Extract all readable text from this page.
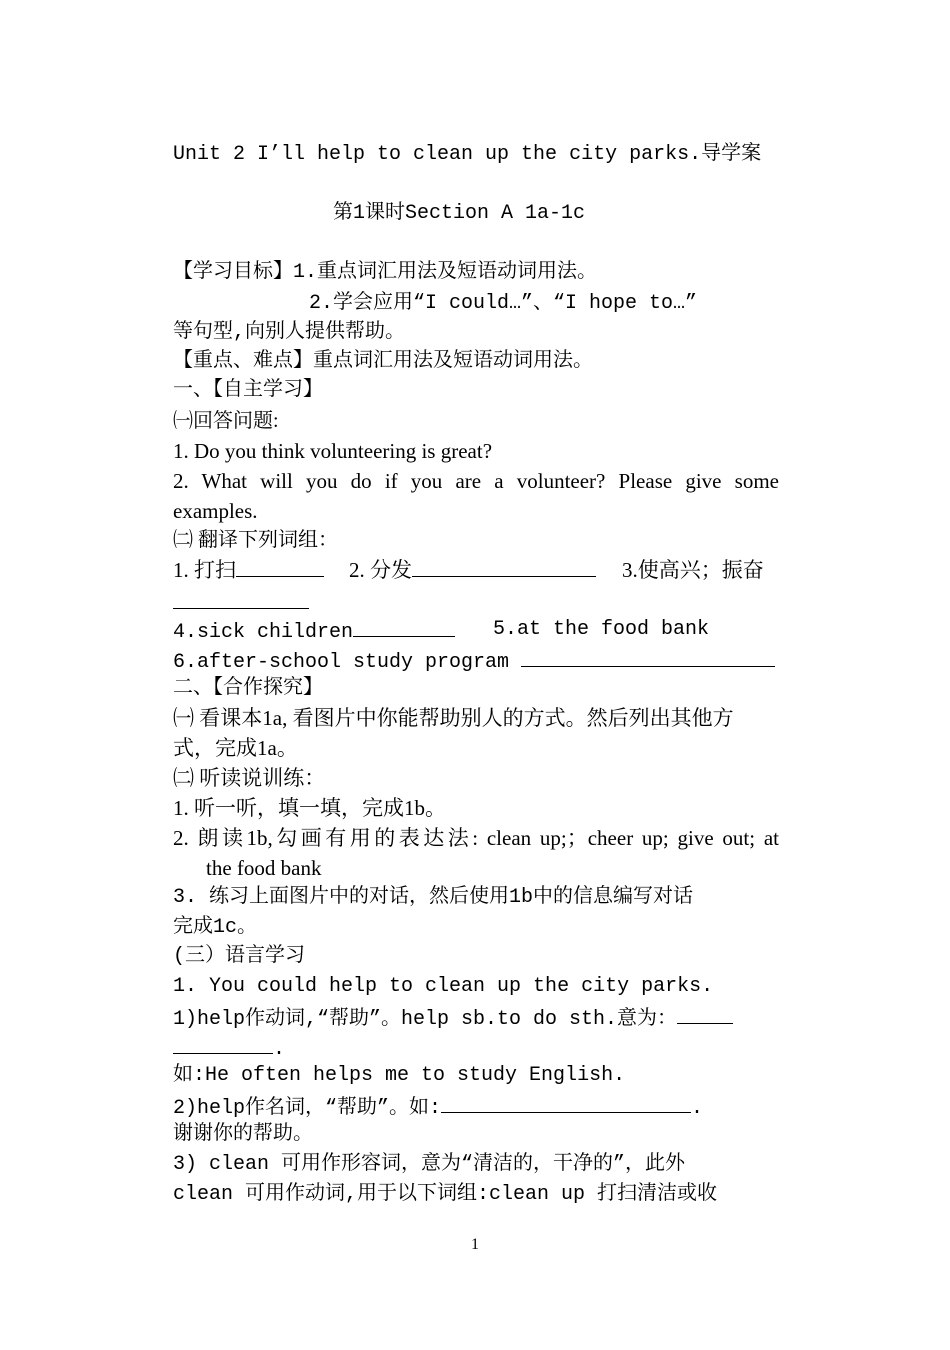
Unit 2 I’ll help to clean up the city parks.导学案
第1课时Section A 1a-1c
【学习目标】1.重点词汇用法及短语动词用法。
2.学会应用“I could…”、“I hope to…”
等句型,向别人提供帮助。
【重点、难点】重点词汇用法及短语动词用法。
一、【自主学习】
㈠回答问题:
1. Do you think volunteering is great?
2. What will you do if you are a volunteer? Please give some
examples.
㈡ 翻译下列词组：
1. 打扫	2. 分发	3.使高兴；振奋
4.sick children	5.at the food bank
6.after-school study program
二、【合作探究】
㈠ 看课本1a, 看图片中你能帮助别人的方式。然后列出其他方
式，完成1a。
㈡ 听读说训练：
1. 听一听，填一填，完成1b。
2. 朗读1b,勾画有用的表达法: clean up;；cheer up; give out; at
the food bank
3. 练习上面图片中的对话，然后使用1b中的信息编写对话
完成1c。
(三）语言学习
1. You could help to clean up the city parks.
1)help作动词,“帮助”。help sb.to do sth.意为：
.
如:He often helps me to study English.
2)help作名词，“帮助”。如:	.
谢谢你的帮助。
3) clean 可用作形容词，意为“清洁的，干净的”，此外
clean 可用作动词,用于以下词组:clean up 打扫清洁或收
1
